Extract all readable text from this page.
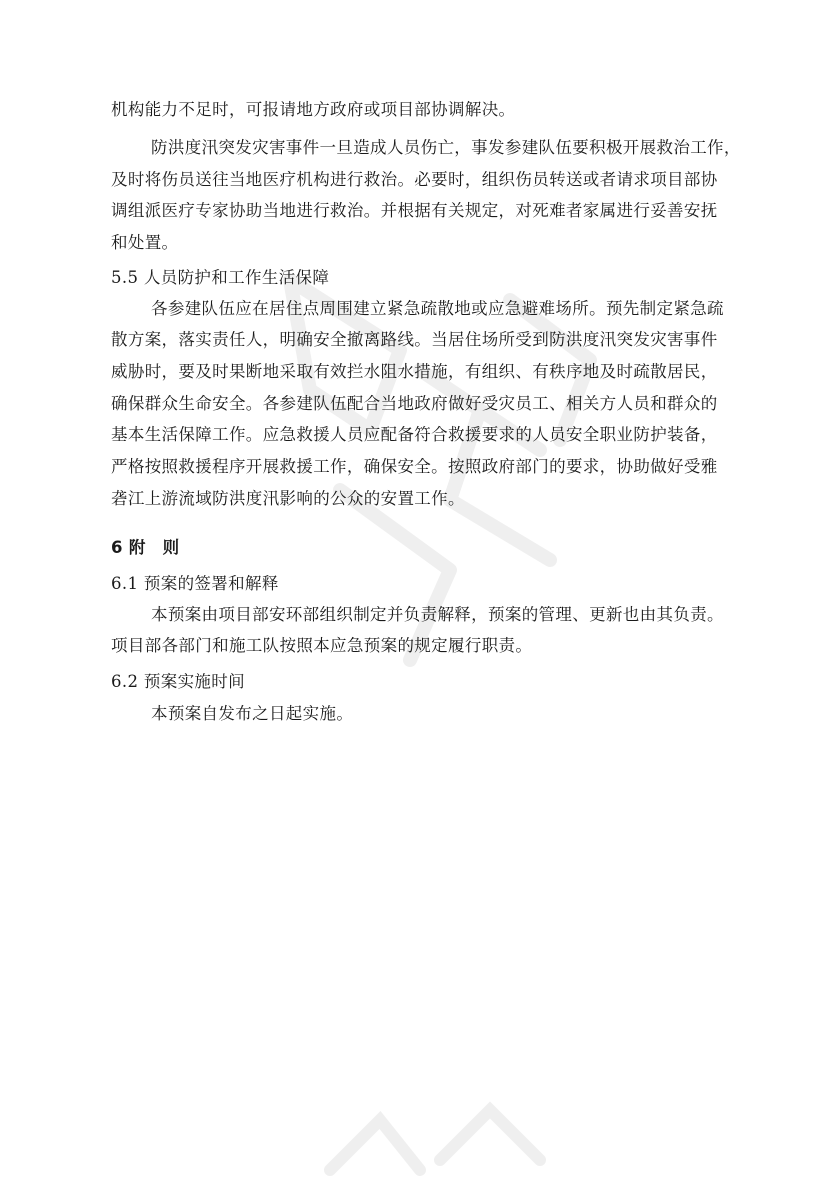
机构能力不足时，可报请地方政府或项目部协调解决。
防洪度汛突发灾害事件一旦造成人员伤亡，事发参建队伍要积极开展救治工作，
及时将伤员送往当地医疗机构进行救治。必要时，组织伤员转送或者请求项目部协
调组派医疗专家协助当地进行救治。并根据有关规定，对死难者家属进行妥善安抚
和处置。
5.5 人员防护和工作生活保障
各参建队伍应在居住点周围建立紧急疏散地或应急避难场所。预先制定紧急疏
散方案，落实责任人，明确安全撤离路线。当居住场所受到防洪度汛突发灾害事件
威胁时，要及时果断地采取有效拦水阻水措施，有组织、有秩序地及时疏散居民，
确保群众生命安全。各参建队伍配合当地政府做好受灾员工、相关方人员和群众的
基本生活保障工作。应急救援人员应配备符合救援要求的人员安全职业防护装备，
严格按照救援程序开展救援工作，确保安全。按照政府部门的要求，协助做好受雅
砻江上游流域防洪度汛影响的公众的安置工作。
6 附　则
6.1 预案的签署和解释
本预案由项目部安环部组织制定并负责解释，预案的管理、更新也由其负责。
项目部各部门和施工队按照本应急预案的规定履行职责。
6.2 预案实施时间
本预案自发布之日起实施。
